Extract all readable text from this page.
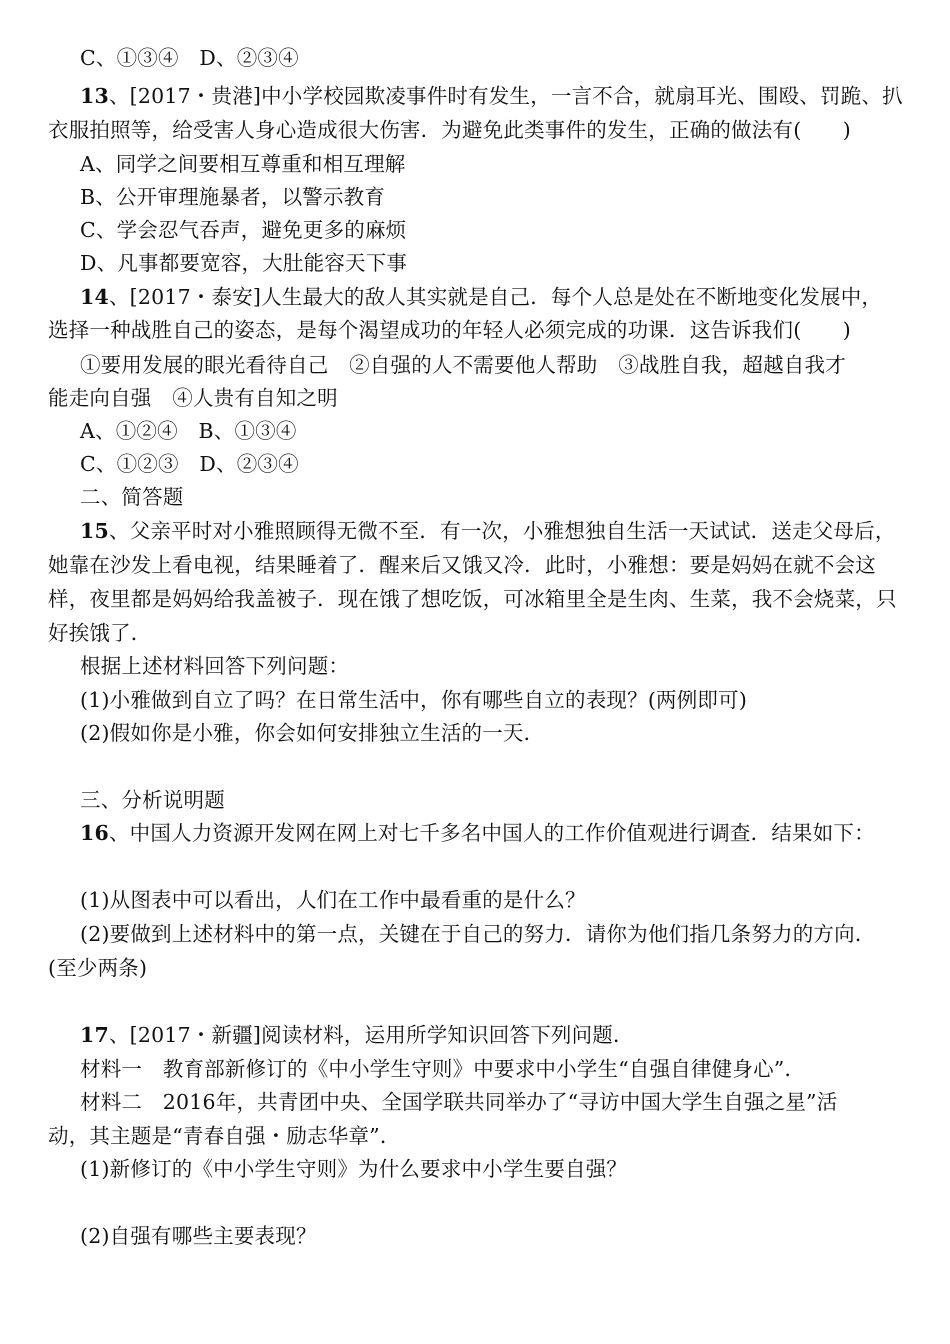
C、①③④　D、②③④
13、[2017・贵港]中小学校园欺凌事件时有发生，一言不合，就扇耳光、围殴、罚跪、扒
衣服拍照等，给受害人身心造成很大伤害．为避免此类事件的发生，正确的做法有(　　)
A、同学之间要相互尊重和相互理解
B、公开审理施暴者，以警示教育
C、学会忍气吞声，避免更多的麻烦
D、凡事都要宽容，大肚能容天下事
14、[2017・泰安]人生最大的敌人其实就是自己．每个人总是处在不断地变化发展中，
选择一种战胜自己的姿态，是每个渴望成功的年轻人必须完成的功课．这告诉我们(　　)
①要用发展的眼光看待自己　②自强的人不需要他人帮助　③战胜自我，超越自我才
能走向自强　④人贵有自知之明
A、①②④　B、①③④
C、①②③　D、②③④
二、简答题
15、父亲平时对小雅照顾得无微不至．有一次，小雅想独自生活一天试试．送走父母后，
她靠在沙发上看电视，结果睡着了．醒来后又饿又冷．此时，小雅想：要是妈妈在就不会这
样，夜里都是妈妈给我盖被子．现在饿了想吃饭，可冰箱里全是生肉、生菜，我不会烧菜，只
好挨饿了．
根据上述材料回答下列问题：
(1)小雅做到自立了吗？在日常生活中，你有哪些自立的表现？(两例即可)
(2)假如你是小雅，你会如何安排独立生活的一天．
三、分析说明题
16、中国人力资源开发网在网上对七千多名中国人的工作价值观进行调查．结果如下：
(1)从图表中可以看出，人们在工作中最看重的是什么？
(2)要做到上述材料中的第一点，关键在于自己的努力．请你为他们指几条努力的方向．
(至少两条)
17、[2017・新疆]阅读材料，运用所学知识回答下列问题．
材料一　教育部新修订的《中小学生守则》中要求中小学生“自强自律健身心”．
材料二　2016年，共青团中央、全国学联共同举办了“寻访中国大学生自强之星”活
动，其主题是“青春自强・励志华章”．
(1)新修订的《中小学生守则》为什么要求中小学生要自强？
(2)自强有哪些主要表现？
